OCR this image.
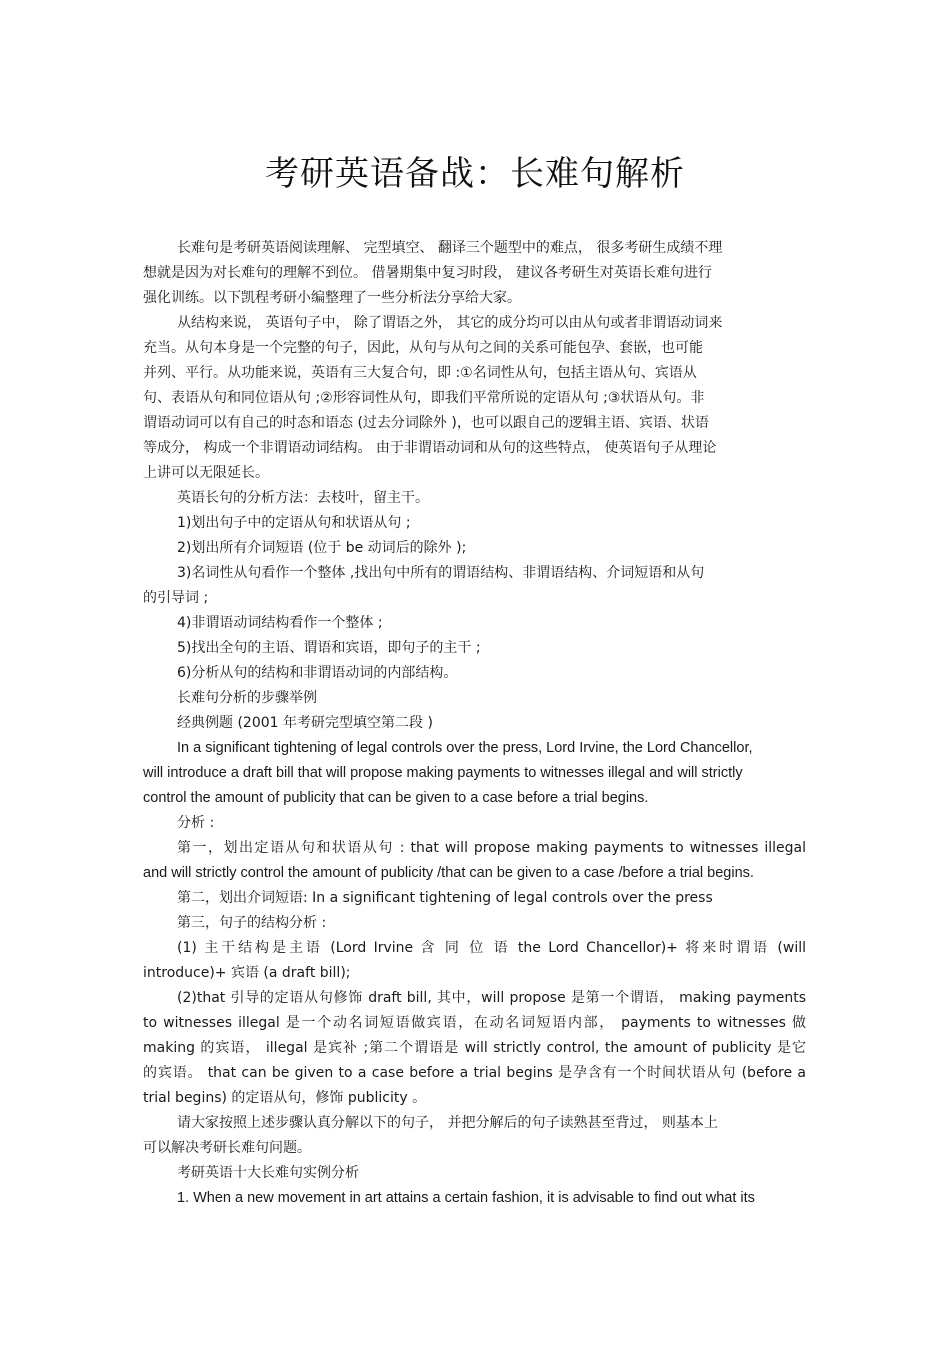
考研英语备战：长难句解析
长难句是考研英语阅读理解、 完型填空、 翻译三个题型中的难点， 很多考研生成绩不理
想就是因为对长难句的理解不到位。 借暑期集中复习时段， 建议各考研生对英语长难句进行
强化训练。以下凯程考研小编整理了一些分析法分享给大家。
从结构来说， 英语句子中， 除了谓语之外， 其它的成分均可以由从句或者非谓语动词来
充当。从句本身是一个完整的句子，因此，从句与从句之间的关系可能包孕、套嵌，也可能
并列、平行。从功能来说，英语有三大复合句，即 :①名词性从句，包括主语从句、宾语从
句、表语从句和同位语从句 ;②形容词性从句，即我们平常所说的定语从句 ;③状语从句。非
谓语动词可以有自己的时态和语态 (过去分词除外 )，也可以跟自己的逻辑主语、宾语、状语
等成分， 构成一个非谓语动词结构。 由于非谓语动词和从句的这些特点， 使英语句子从理论
上讲可以无限延长。
英语长句的分析方法：去枝叶，留主干。
1)划出句子中的定语从句和状语从句 ;
2)划出所有介词短语 (位于 be 动词后的除外 );
3)名词性从句看作一个整体 ,找出句中所有的谓语结构、非谓语结构、介词短语和从句
的引导词 ;
4)非谓语动词结构看作一个整体 ;
5)找出全句的主语、谓语和宾语，即句子的主干 ;
6)分析从句的结构和非谓语动词的内部结构。
长难句分析的步骤举例
经典例题 (2001 年考研完型填空第二段 )
In a significant tightening of legal controls over the press, Lord Irvine, the Lord Chancellor,
will introduce a draft bill that will propose making payments to witnesses illegal and will strictly
control the amount of publicity that can be given to a case before a trial begins.
分析 :
第一，划出定语从句和状语从句 : that will propose making payments to witnesses illegal
and will strictly control the amount of publicity /that can be given to a case /before a trial begins.
第二，划出介词短语: In a significant tightening of legal controls over the press
第三，句子的结构分析 :
(1) 主干结构是主语 (Lord Irvine 含 同 位 语 the Lord Chancellor)+ 将来时谓语 (will
introduce)+ 宾语 (a draft bill);
(2)that 引导的定语从句修饰 draft bill, 其中，will propose 是第一个谓语， making payments
to witnesses illegal 是一个动名词短语做宾语，在动名词短语内部， payments to witnesses 做
making 的宾语， illegal 是宾补 ;第二个谓语是 will strictly control, the amount of publicity 是它
的宾语。 that can be given to a case before a trial begins 是孕含有一个时间状语从句 (before a
trial begins) 的定语从句，修饰 publicity 。
请大家按照上述步骤认真分解以下的句子， 并把分解后的句子读熟甚至背过， 则基本上
可以解决考研长难句问题。
考研英语十大长难句实例分析
1. When a new movement in art attains a certain fashion, it is advisable to find out what its
